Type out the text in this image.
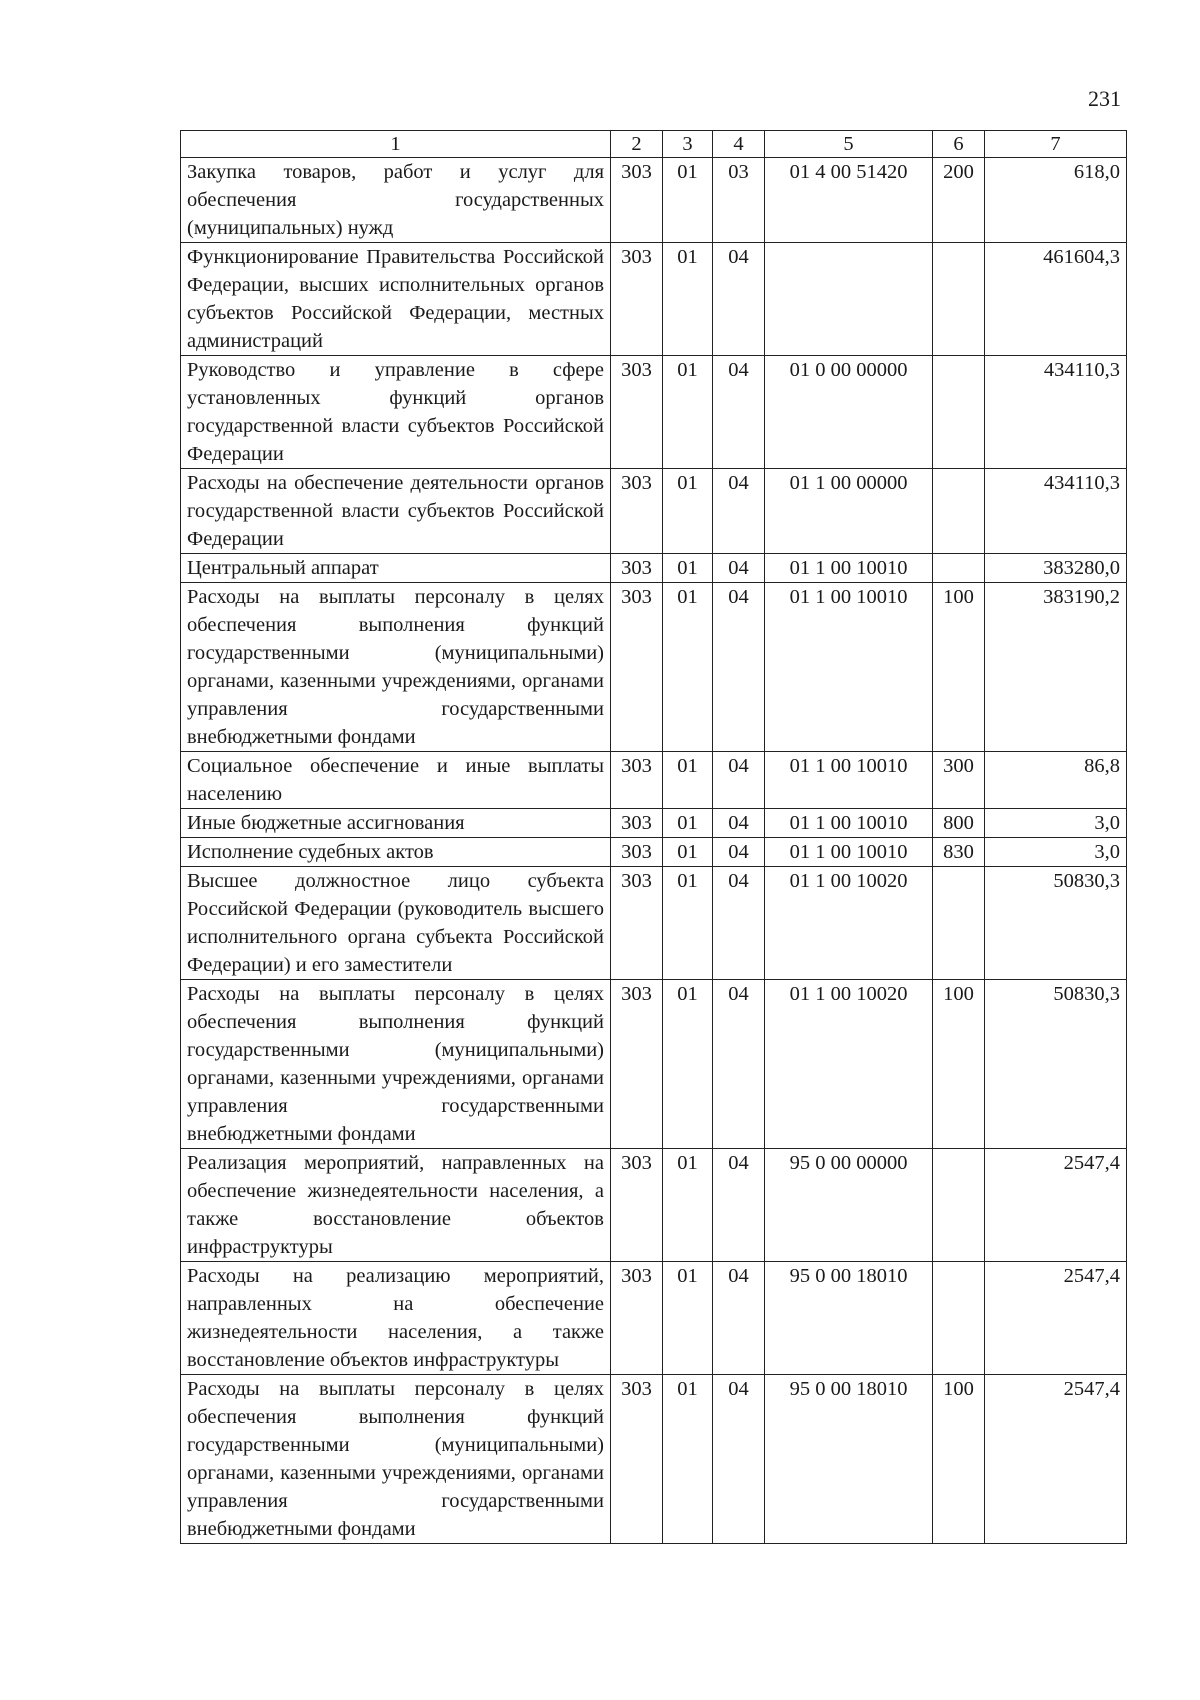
231
1	2	3	4	5	6	7
Закупка товаров, работ и услуг для обеспечения государственных (муниципальных) нужд	303	01	03	01 4 00 51420	200	618,0
Функционирование Правительства Российской Федерации, высших исполнительных органов субъектов Российской Федерации, местных администраций	303	01	04			461604,3
Руководство и управление в сфере установленных функций органов государственной власти субъектов Российской Федерации	303	01	04	01 0 00 00000		434110,3
Расходы на обеспечение деятельности органов государственной власти субъектов Российской Федерации	303	01	04	01 1 00 00000		434110,3
Центральный аппарат	303	01	04	01 1 00 10010		383280,0
Расходы на выплаты персоналу в целях обеспечения выполнения функций государственными (муниципальными) органами, казенными учреждениями, органами управления государственными внебюджетными фондами	303	01	04	01 1 00 10010	100	383190,2
Социальное обеспечение и иные выплаты населению	303	01	04	01 1 00 10010	300	86,8
Иные бюджетные ассигнования	303	01	04	01 1 00 10010	800	3,0
Исполнение судебных актов	303	01	04	01 1 00 10010	830	3,0
Высшее должностное лицо субъекта Российской Федерации (руководитель высшего исполнительного органа субъекта Российской Федерации) и его заместители	303	01	04	01 1 00 10020		50830,3
Расходы на выплаты персоналу в целях обеспечения выполнения функций государственными (муниципальными) органами, казенными учреждениями, органами управления государственными внебюджетными фондами	303	01	04	01 1 00 10020	100	50830,3
Реализация мероприятий, направленных на обеспечение жизнедеятельности населения, а также восстановление объектов инфраструктуры	303	01	04	95 0 00 00000		2547,4
Расходы на реализацию мероприятий, направленных на обеспечение жизнедеятельности населения, а также восстановление объектов инфраструктуры	303	01	04	95 0 00 18010		2547,4
Расходы на выплаты персоналу в целях обеспечения выполнения функций государственными (муниципальными) органами, казенными учреждениями, органами управления государственными внебюджетными фондами	303	01	04	95 0 00 18010	100	2547,4
